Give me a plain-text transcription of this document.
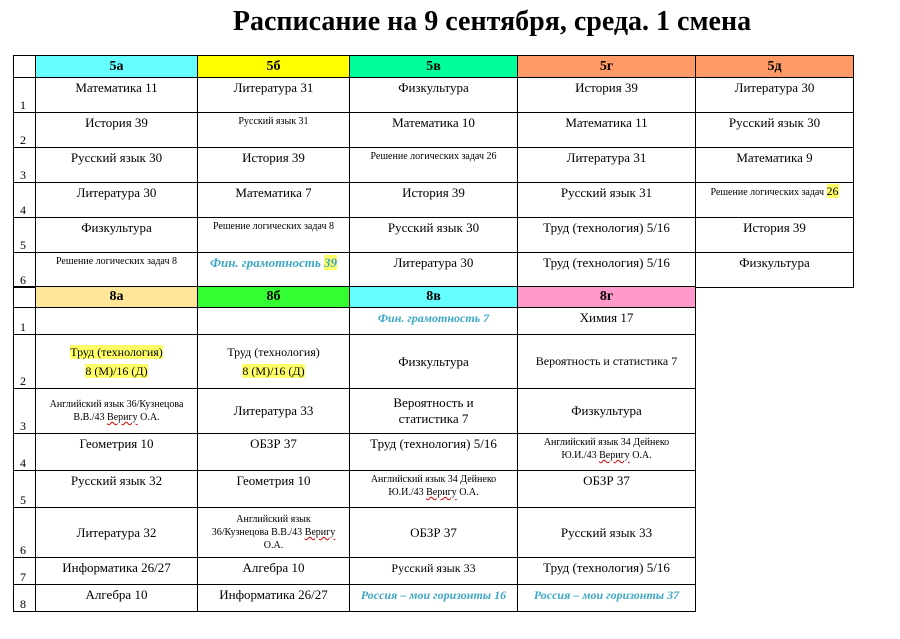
Расписание на 9 сентября, среда. 1 смена
	5а	5б	5в	5г	5д
1	Математика 11	Литература 31	Физкультура	История 39	Литература 30
2	История 39	Русский язык 31	Математика 10	Математика 11	Русский язык 30
3	Русский язык 30	История 39	Решение логических задач 26	Литература 31	Математика 9
4	Литература 30	Математика 7	История 39	Русский язык 31	Решение логических задач 26
5	Физкультура	Решение логических задач 8	Русский язык 30	Труд (технология) 5/16	История 39
6	Решение логических задач 8	Фин. грамотность 39	Литература 30	Труд (технология) 5/16	Физкультура
	8а	8б	8в	8г
1			Фин. грамотность 7	Химия 17
2	Труд (технология)
8 (М)/16 (Д)	Труд (технология)
8 (М)/16 (Д)	Физкультура	Вероятность и статистика 7
3	Английский язык 36/Кузнецова
В.В./43 Веригу О.А.	Литература 33	Вероятность и
статистика 7	Физкультура
4	Геометрия 10	ОБЗР 37	Труд (технология) 5/16	Английский язык 34 Дейнеко
Ю.И./43 Веригу О.А.
5	Русский язык 32	Геометрия 10	Английский язык 34 Дейнеко
Ю.И./43 Веригу О.А.	ОБЗР 37
6	Литература 32	Английский язык
36/Кузнецова В.В./43 Веригу
О.А.	ОБЗР 37	Русский язык 33
7	Информатика 26/27	Алгебра 10	Русский язык 33	Труд (технология) 5/16
8	Алгебра 10	Информатика 26/27	Россия – мои горизонты 16	Россия – мои горизонты 37
